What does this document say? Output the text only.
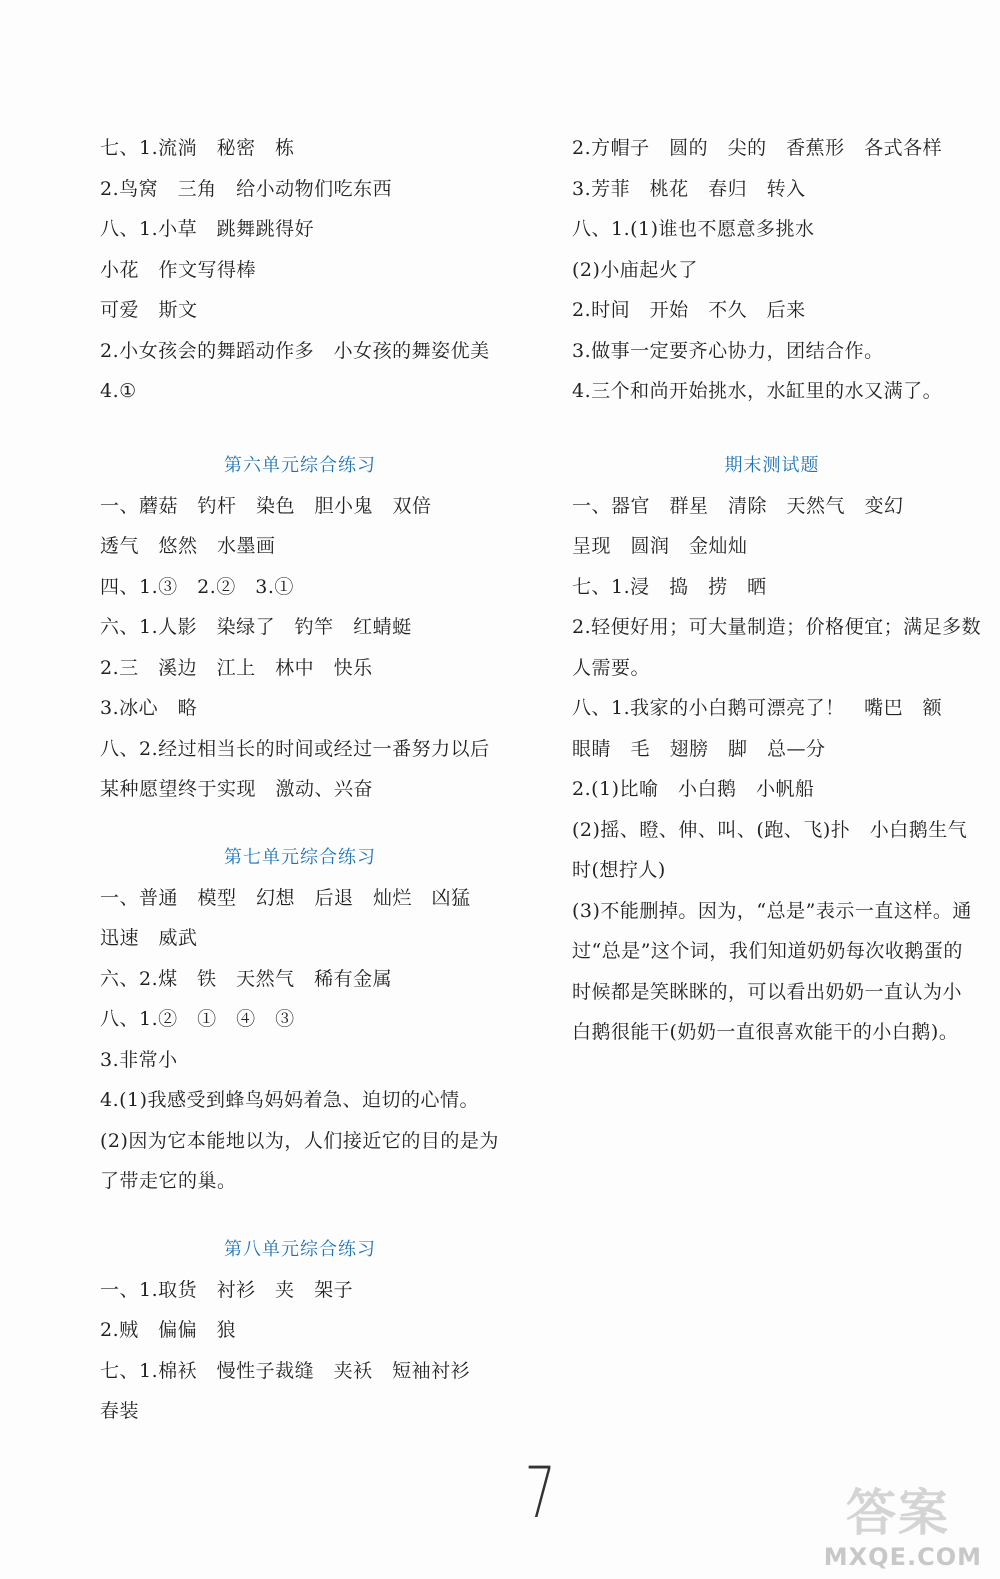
七、1.流淌　秘密　栋
2.鸟窝　三角　给小动物们吃东西
八、1.小草　跳舞跳得好
小花　作文写得棒
可爱　斯文
2.小女孩会的舞蹈动作多　小女孩的舞姿优美
4.①
第六单元综合练习
一、蘑菇　钓杆　染色　胆小鬼　双倍
透气　悠然　水墨画
四、1.③　2.②　3.①
六、1.人影　染绿了　钓竿　红蜻蜓
2.三　溪边　江上　林中　快乐
3.冰心　略
八、2.经过相当长的时间或经过一番努力以后
某种愿望终于实现　激动、兴奋
第七单元综合练习
一、普通　模型　幻想　后退　灿烂　凶猛
迅速　威武
六、2.煤　铁　天然气　稀有金属
八、1.②　①　④　③
3.非常小
4.(1)我感受到蜂鸟妈妈着急、迫切的心情。
(2)因为它本能地以为，人们接近它的目的是为
了带走它的巢。
第八单元综合练习
一、1.取货　衬衫　夹　架子
2.贼　偏偏　狼
七、1.棉袄　慢性子裁缝　夹袄　短袖衬衫
春装
2.方帽子　圆的　尖的　香蕉形　各式各样
3.芳菲　桃花　春归　转入
八、1.(1)谁也不愿意多挑水
(2)小庙起火了
2.时间　开始　不久　后来
3.做事一定要齐心协力，团结合作。
4.三个和尚开始挑水，水缸里的水又满了。
期末测试题
一、器官　群星　清除　天然气　变幻
呈现　圆润　金灿灿
七、1.浸　捣　捞　晒
2.轻便好用；可大量制造；价格便宜；满足多数
人需要。
八、1.我家的小白鹅可漂亮了！　嘴巴　额
眼睛　毛　翅膀　脚　总—分
2.(1)比喻　小白鹅　小帆船
(2)摇、瞪、伸、叫、(跑、飞)扑　小白鹅生气
时(想拧人)
(3)不能删掉。因为，“总是”表示一直这样。通
过“总是”这个词，我们知道奶奶每次收鹅蛋的
时候都是笑眯眯的，可以看出奶奶一直认为小
白鹅很能干(奶奶一直很喜欢能干的小白鹅)。
7	答案
MXQE.COM
